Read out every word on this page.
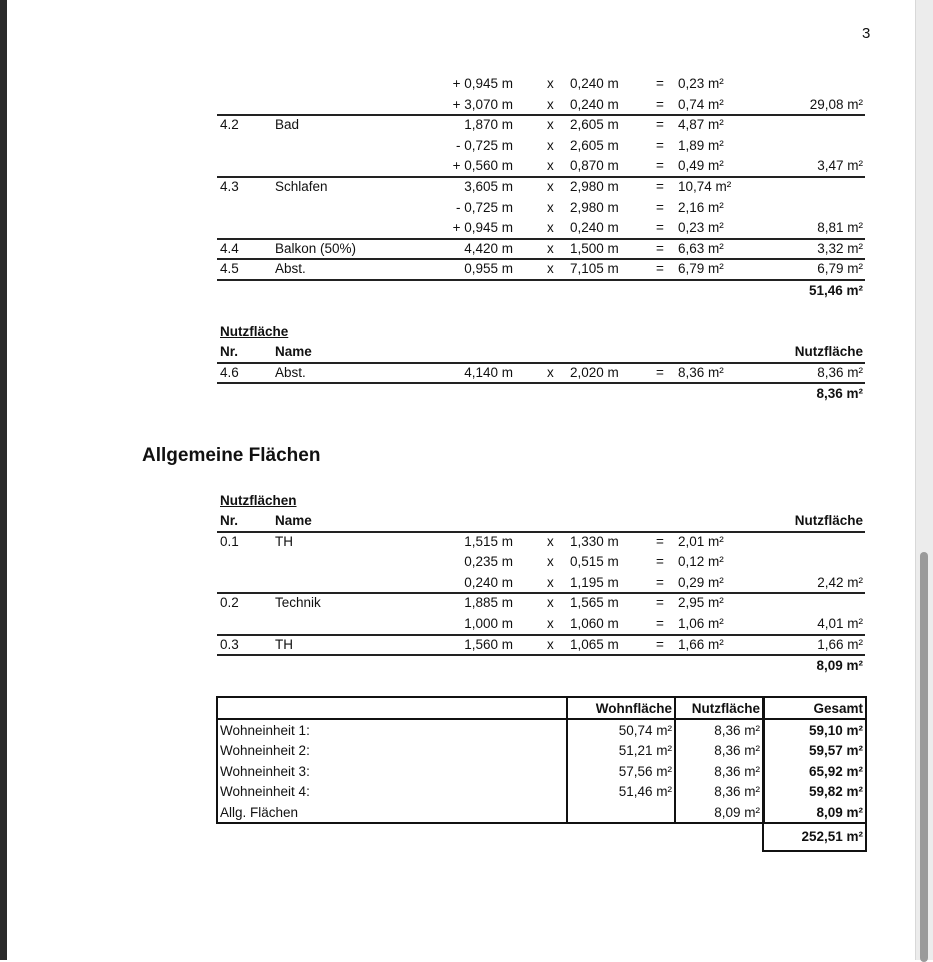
3
+ 0,945 m	x 0,240 m	= 0,23 m²
+ 3,070 m	x 0,240 m	= 0,74 m²	29,08 m²
4.2	Bad	1,870 m	x 2,605 m	= 4,87 m²
- 0,725 m	x 2,605 m	= 1,89 m²
+ 0,560 m	x 0,870 m	= 0,49 m²	3,47 m²
4.3	Schlafen	3,605 m	x 2,980 m	= 10,74 m²
- 0,725 m	x 2,980 m	= 2,16 m²
+ 0,945 m	x 0,240 m	= 0,23 m²	8,81 m²
4.4	Balkon (50%)	4,420 m	x 1,500 m	= 6,63 m²	3,32 m²
4.5	Abst.	0,955 m	x 7,105 m	= 6,79 m²	6,79 m²
51,46 m²
Nutzfläche
Nr.	Name	Nutzfläche
4.6	Abst.	4,140 m	x 2,020 m	= 8,36 m²	8,36 m²
8,36 m²
Allgemeine Flächen
Nutzflächen
Nr.	Name	Nutzfläche
0.1	TH	1,515 m	x 1,330 m	= 2,01 m²
0,235 m	x 0,515 m	= 0,12 m²
0,240 m	x 1,195 m	= 0,29 m²	2,42 m²
0.2	Technik	1,885 m	x 1,565 m	= 2,95 m²
1,000 m	x 1,060 m	= 1,06 m²	4,01 m²
0.3	TH	1,560 m	x 1,065 m	= 1,66 m²	1,66 m²
8,09 m²
	Wohnfläche	Nutzfläche	Gesamt
Wohneinheit 1:	50,74 m²	8,36 m²	59,10 m²
Wohneinheit 2:	51,21 m²	8,36 m²	59,57 m²
Wohneinheit 3:	57,56 m²	8,36 m²	65,92 m²
Wohneinheit 4:	51,46 m²	8,36 m²	59,82 m²
Allg. Flächen		8,09 m²	8,09 m²
252,51 m²
